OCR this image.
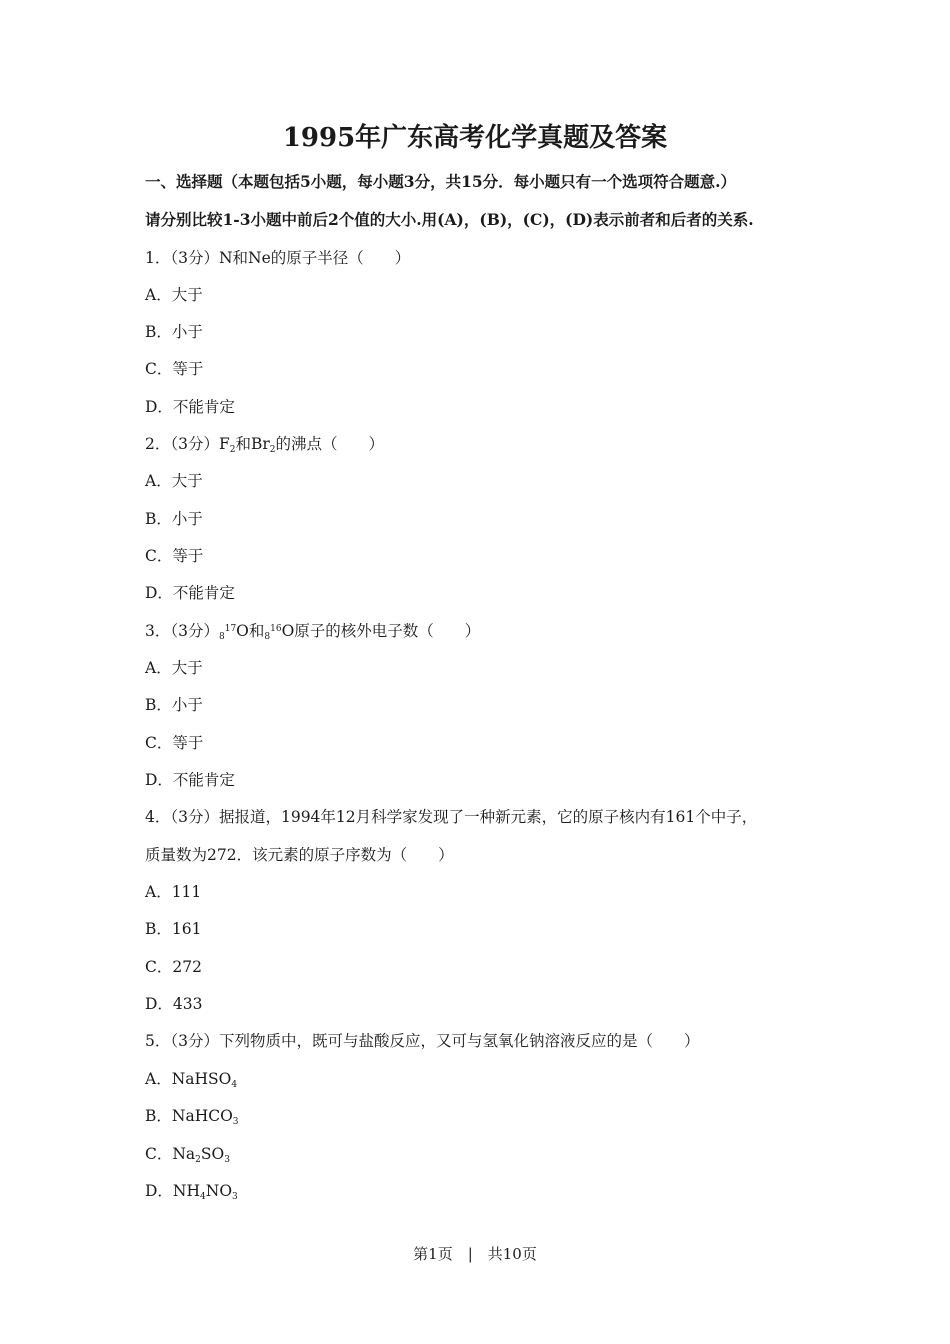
1995年广东高考化学真题及答案
一、选择题（本题包括5小题，每小题3分，共15分．每小题只有一个选项符合题意.）
请分别比较1-3小题中前后2个值的大小.用(A)，(B)，(C)，(D)表示前者和后者的关系.
1．（3分）N和Ne的原子半径（　　）
A．大于
B．小于
C．等于
D．不能肯定
2．（3分）$F_2$和$Br_2$的沸点（　　）
A．大于
B．小于
C．等于
D．不能肯定
3．（3分）$_8^{17}O$和$_8^{16}$O原子的核外电子数（　　）
A．大于
B．小于
C．等于
D．不能肯定
4．（3分）据报道，1994年12月科学家发现了一种新元素，它的原子核内有161个中子，
质量数为272．该元素的原子序数为（　　）
A．111
B．161
C．272
D．433
5．（3分）下列物质中，既可与盐酸反应，又可与氢氧化钠溶液反应的是（　　）
A．NaHSO$_4$
B．NaHCO$_3$
C．$Na_2SO_3$
D．$NH_4NO_3$
第1页　|　共10页
